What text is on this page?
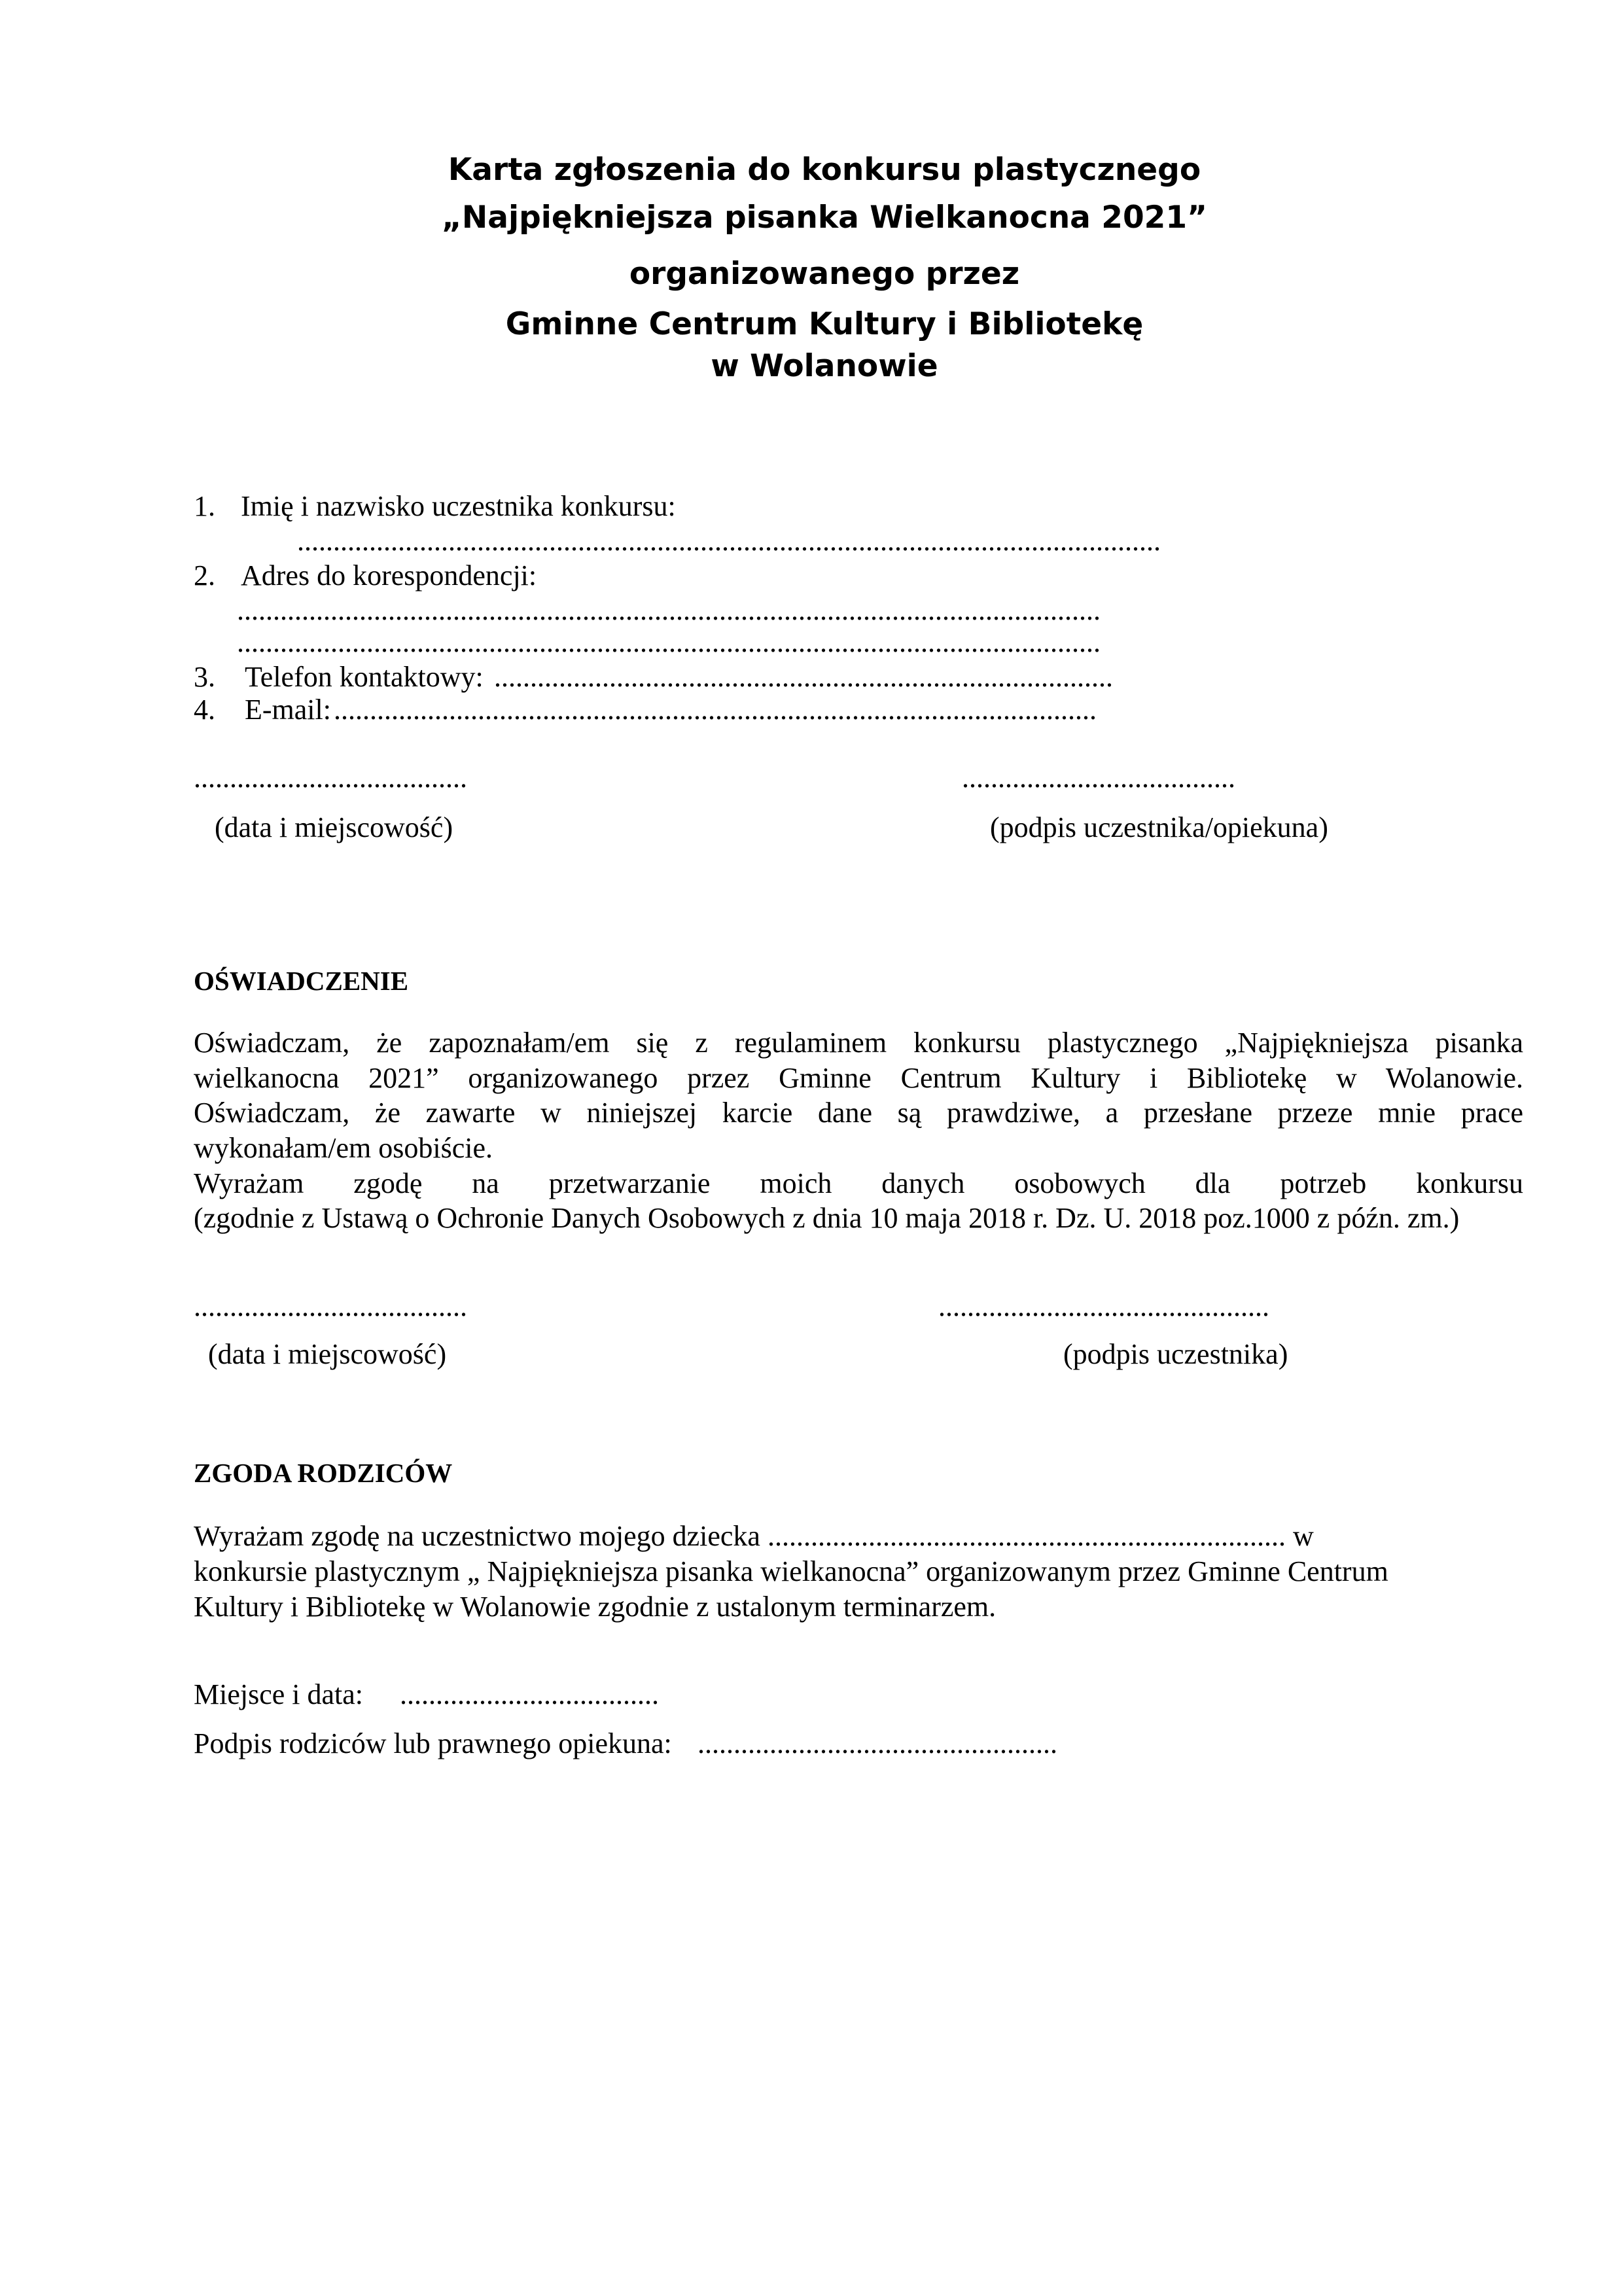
Karta zgłoszenia do konkursu plastycznego
„Najpiękniejsza pisanka Wielkanocna 2021”
organizowanego przez
Gminne Centrum Kultury i Bibliotekę
w Wolanowie
1. Imię i nazwisko uczestnika konkursu:
........................................................................................................................
2. Adres do korespondencji:
........................................................................................................................
........................................................................................................................
3. Telefon kontaktowy: ......................................................................................
4. E-mail: ..........................................................................................................
......................................	......................................
(data i miejscowość)	(podpis uczestnika/opiekuna)
OŚWIADCZENIE
Oświadczam, że zapoznałam/em się z regulaminem konkursu plastycznego „Najpiękniejsza pisanka
wielkanocna 2021” organizowanego przez Gminne Centrum Kultury i Bibliotekę w Wolanowie.
Oświadczam, że zawarte w niniejszej karcie dane są prawdziwe, a przesłane przeze mnie prace
wykonałam/em osobiście.
Wyrażam zgodę na przetwarzanie moich danych osobowych dla potrzeb konkursu
(zgodnie z Ustawą o Ochronie Danych Osobowych z dnia 10 maja 2018 r. Dz. U. 2018 poz.1000 z późn. zm.)
......................................	..............................................
(data i miejscowość)	(podpis uczestnika)
ZGODA RODZICÓW
Wyrażam zgodę na uczestnictwo mojego dziecka ........................................................................ w
konkursie plastycznym „ Najpiękniejsza pisanka wielkanocna” organizowanym przez Gminne Centrum
Kultury i Bibliotekę w Wolanowie zgodnie z ustalonym terminarzem.
Miejsce i data: ....................................
Podpis rodziców lub prawnego opiekuna: ..................................................
